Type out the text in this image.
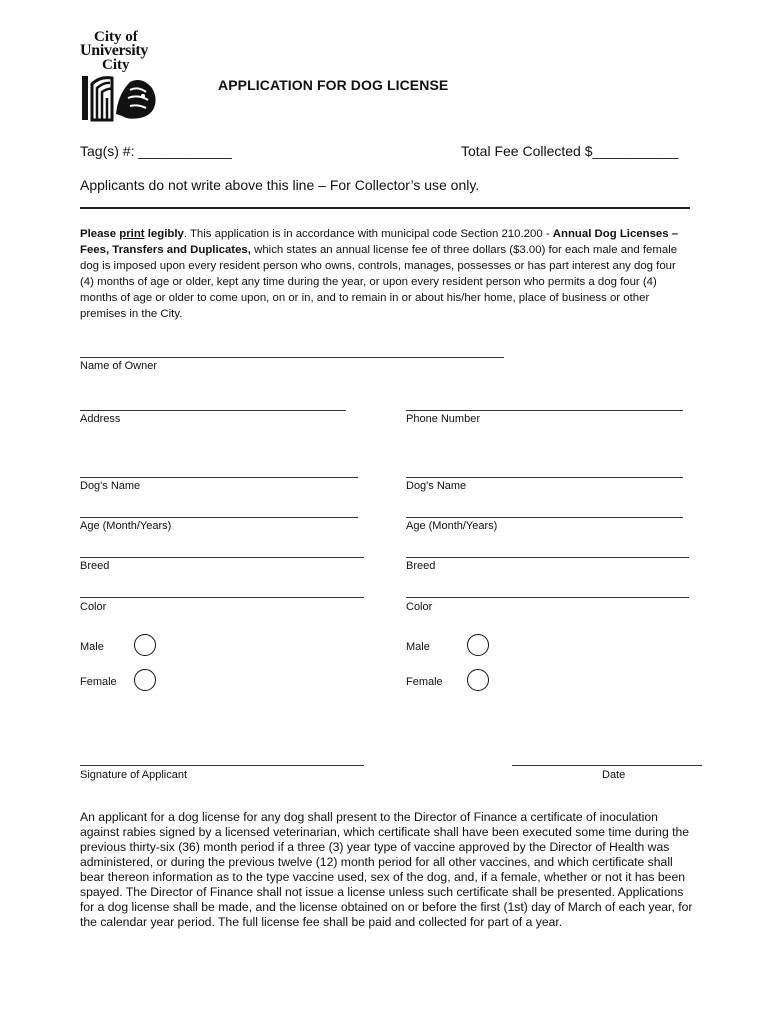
City of
University
City
APPLICATION FOR DOG LICENSE
Tag(s) #: ____________	Total Fee Collected $___________
Applicants do not write above this line – For Collector’s use only.
Please print legibly. This application is in accordance with municipal code Section 210.200 - Annual Dog Licenses – Fees, Transfers and Duplicates, which states an annual license fee of three dollars ($3.00) for each male and female dog is imposed upon every resident person who owns, controls, manages, possesses or has part interest any dog four (4) months of age or older, kept any time during the year, or upon every resident person who permits a dog four (4) months of age or older to come upon, on or in, and to remain in or about his/her home, place of business or other premises in the City.
Name of Owner
Address	Phone Number
Dog's Name
Age (Month/Years)
Breed
Color
Male
Female
Dog's Name
Age (Month/Years)
Breed
Color
Male
Female
Signature of Applicant	Date
An applicant for a dog license for any dog shall present to the Director of Finance a certificate of inoculation against rabies signed by a licensed veterinarian, which certificate shall have been executed some time during the previous thirty-six (36) month period if a three (3) year type of vaccine approved by the Director of Health was administered, or during the previous twelve (12) month period for all other vaccines, and which certificate shall bear thereon information as to the type vaccine used, sex of the dog, and, if a female, whether or not it has been spayed. The Director of Finance shall not issue a license unless such certificate shall be presented. Applications for a dog license shall be made, and the license obtained on or before the first (1st) day of March of each year, for the calendar year period. The full license fee shall be paid and collected for part of a year.
